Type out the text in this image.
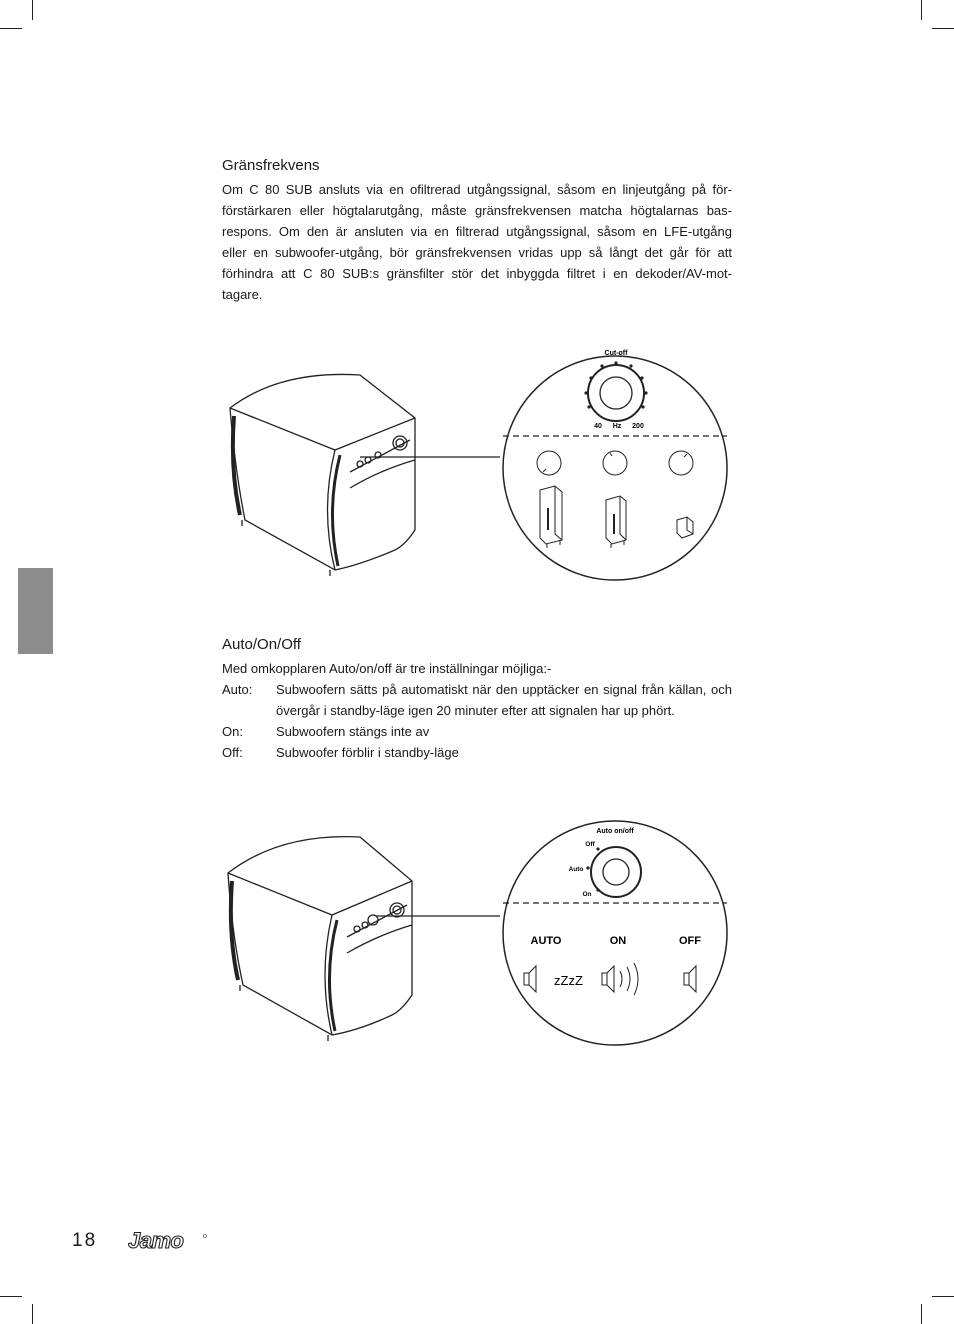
Gränsfrekvens
Om C 80 SUB ansluts via en ofiltrerad utgångssignal, såsom en linjeutgång på för-
förstärkaren eller högtalarutgång, måste gränsfrekvensen matcha högtalarnas bas-
respons. Om den är ansluten via en filtrerad utgångssignal, såsom en LFE-utgång
eller en subwoofer-utgång, bör gränsfrekvensen vridas upp så långt det går för att
förhindra att C 80 SUB:s gränsfilter stör det inbyggda filtret i en dekoder/AV-mot-
tagare.
Cut-off
40 Hz 200
Auto/On/Off
Med omkopplaren Auto/on/off är tre inställningar möjliga:-
Auto:	Subwoofern sätts på automatiskt när den upptäcker en signal från källan, och övergår i standby-läge igen 20 minuter efter att signalen har up phört.
On:	Subwoofern stängs inte av
Off:	Subwoofer förblir i standby-läge
Auto on/off
Off
Auto
On
AUTO	ON	OFF
zZzZ
18 Jamo
